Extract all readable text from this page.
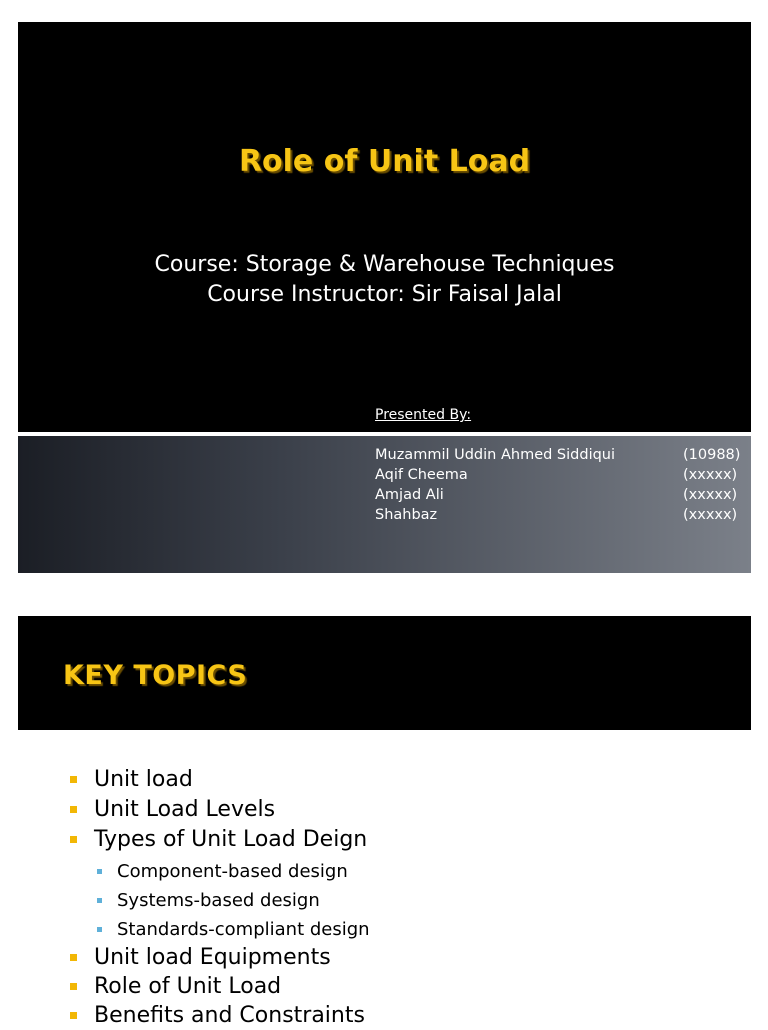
Role of Unit Load
Course: Storage & Warehouse Techniques
Course Instructor: Sir Faisal Jalal
Presented By:
Muzammil Uddin Ahmed Siddiqui	(10988)
Aqif Cheema	(xxxxx)
Amjad Ali	(xxxxx)
Shahbaz	(xxxxx)
KEY TOPICS
Unit load
Unit Load Levels
Types of Unit Load Deign
Component-based design
Systems-based design
Standards-compliant design
Unit load Equipments
Role of Unit Load
Benefits and Constraints
